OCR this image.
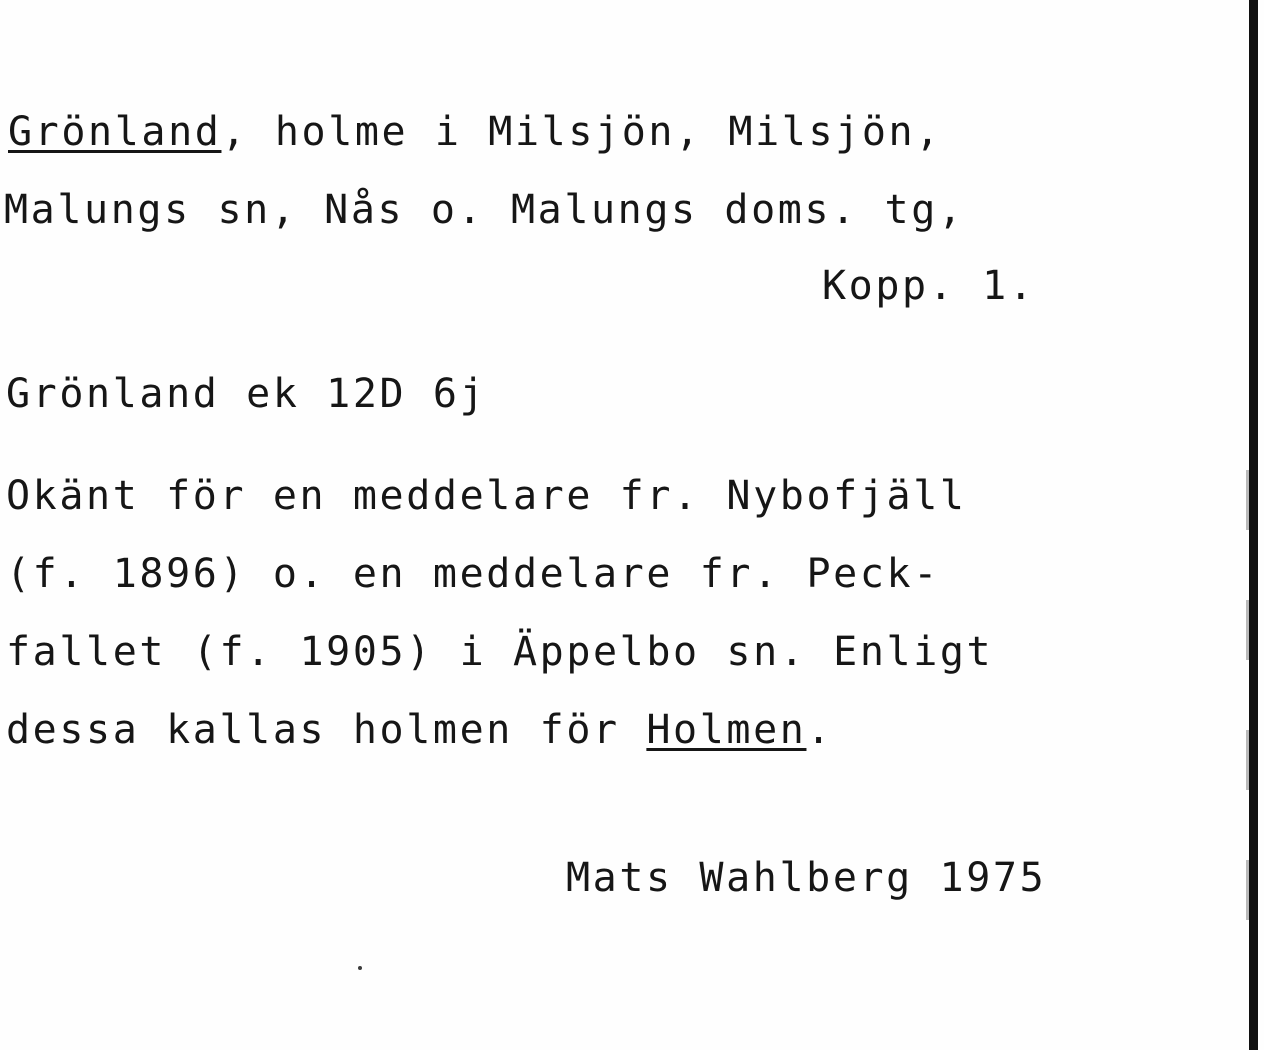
Grönland, holme i Milsjön, Milsjön,
Malungs sn, Nås o. Malungs doms. tg,
Kopp. 1.
Grönland ek 12D 6j
Okänt för en meddelare fr. Nybofjäll
(f. 1896) o. en meddelare fr. Peck-
fallet (f. 1905) i Äppelbo sn. Enligt
dessa kallas holmen för Holmen.
Mats Wahlberg 1975
